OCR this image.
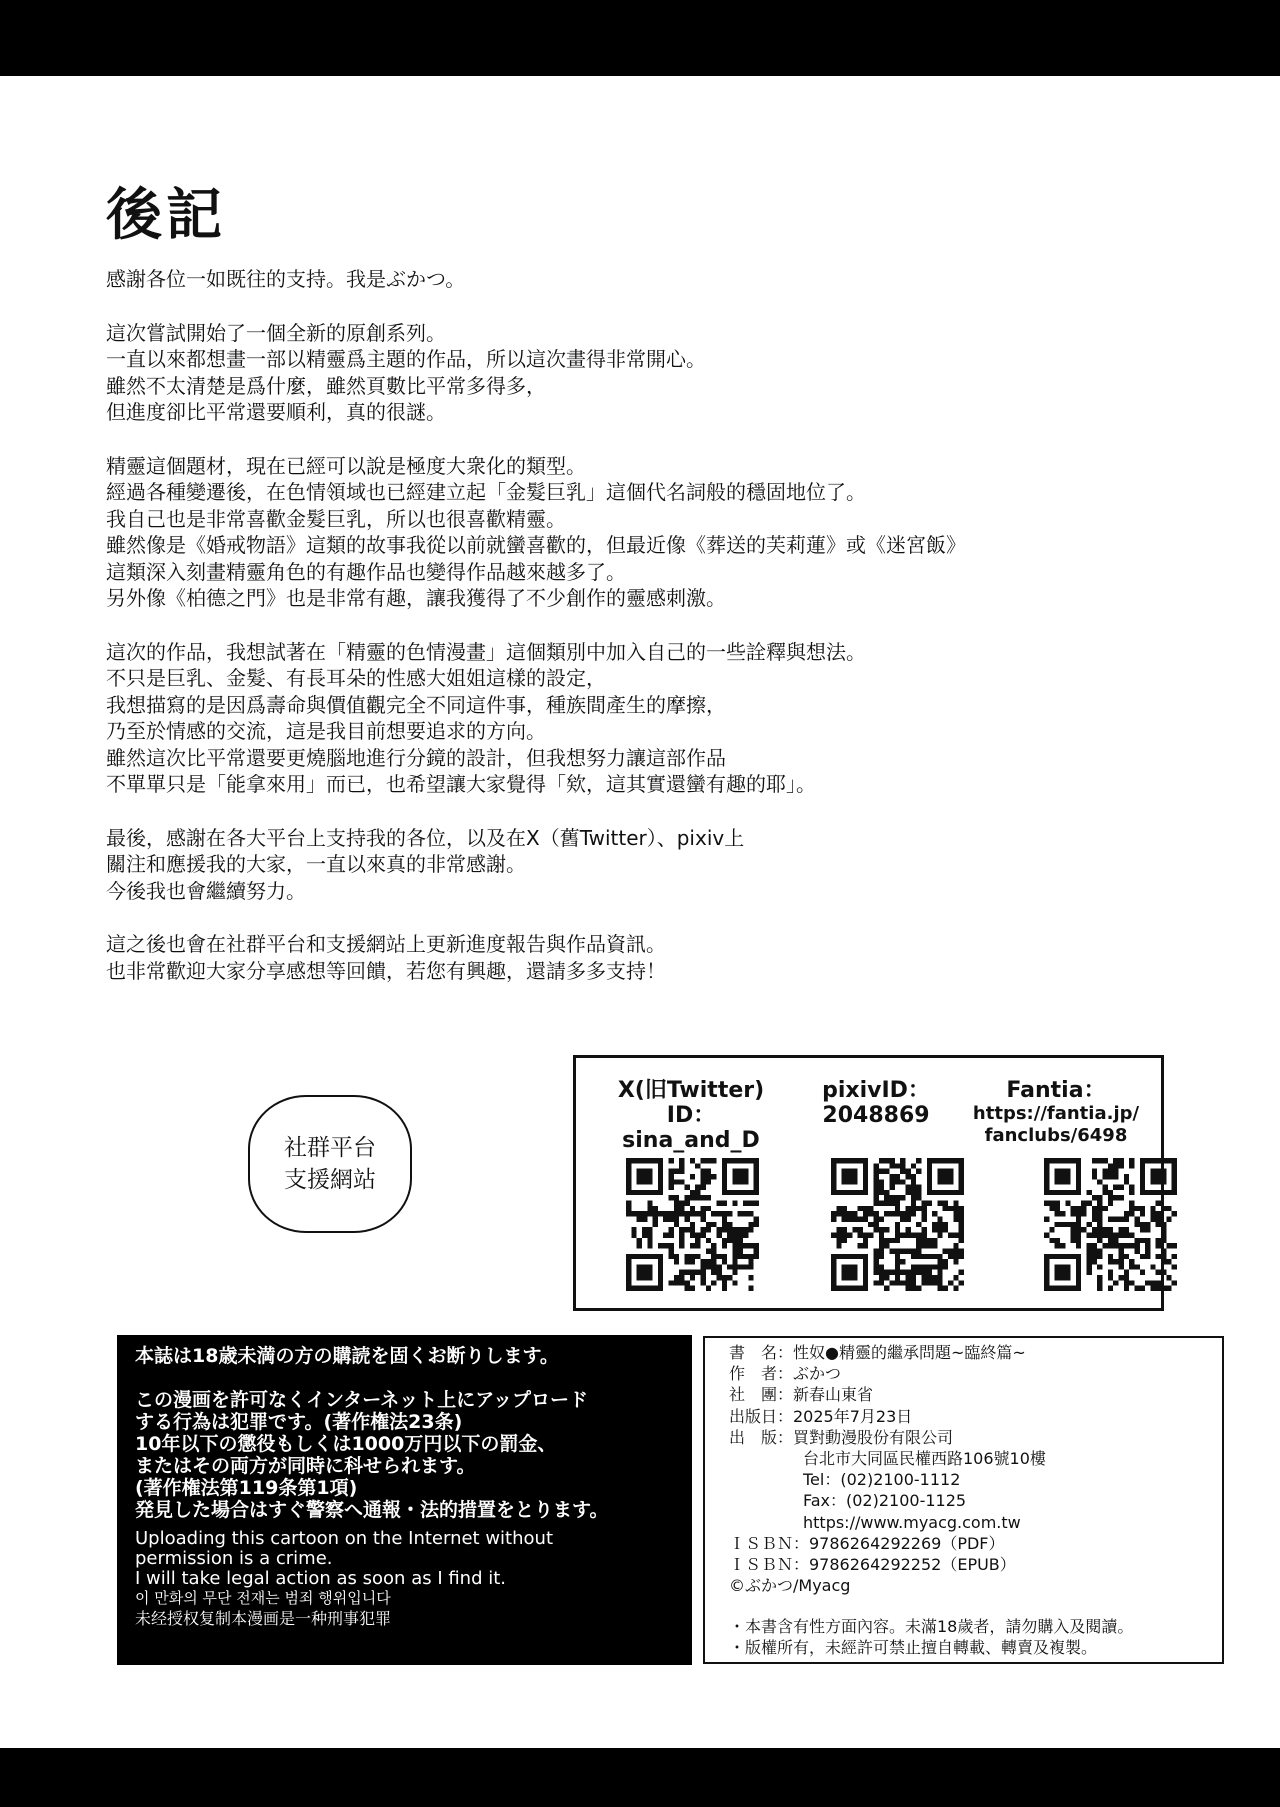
後記
感謝各位一如既往的支持。我是ぶかつ。
這次嘗試開始了一個全新的原創系列。
一直以來都想畫一部以精靈爲主題的作品，所以這次畫得非常開心。
雖然不太清楚是爲什麼，雖然頁數比平常多得多，
但進度卻比平常還要順利，真的很謎。
精靈這個題材，現在已經可以說是極度大衆化的類型。
經過各種變遷後，在色情領域也已經建立起「金髮巨乳」這個代名詞般的穩固地位了。
我自己也是非常喜歡金髮巨乳，所以也很喜歡精靈。
雖然像是《婚戒物語》這類的故事我從以前就蠻喜歡的，但最近像《葬送的芙莉蓮》或《迷宮飯》
這類深入刻畫精靈角色的有趣作品也變得作品越來越多了。
另外像《柏德之門》也是非常有趣，讓我獲得了不少創作的靈感刺激。
這次的作品，我想試著在「精靈的色情漫畫」這個類別中加入自己的一些詮釋與想法。
不只是巨乳、金髮、有長耳朵的性感大姐姐這樣的設定，
我想描寫的是因爲壽命與價值觀完全不同這件事，種族間產生的摩擦，
乃至於情感的交流，這是我目前想要追求的方向。
雖然這次比平常還要更燒腦地進行分鏡的設計，但我想努力讓這部作品
不單單只是「能拿來用」而已，也希望讓大家覺得「欸，這其實還蠻有趣的耶」。
最後，感謝在各大平台上支持我的各位，以及在X（舊Twitter）、pixiv上
關注和應援我的大家，一直以來真的非常感謝。
今後我也會繼續努力。
這之後也會在社群平台和支援網站上更新進度報告與作品資訊。
也非常歡迎大家分享感想等回饋，若您有興趣，還請多多支持！
社群平台
支援網站
X(旧Twitter) ID：
sina_and_D
pixivID：
2048869
Fantia：
https://fantia.jp/
fanclubs/6498
本誌は18歳未満の方の購読を固くお断りします。
この漫画を許可なくインターネット上にアップロード
する行為は犯罪です。(著作権法23条)
10年以下の懲役もしくは1000万円以下の罰金、
またはその両方が同時に科せられます。
(著作権法第119条第1項)
発見した場合はすぐ警察へ通報・法的措置をとります。
Uploading this cartoon on the Internet without
permission is a crime.
I will take legal action as soon as I find it.
이 만화의 무단 전재는 범죄 행위입니다
未经授权复制本漫画是一种刑事犯罪
書　名：性奴●精靈的繼承問題~臨終篇~
作　者：ぶかつ
社　團：新春山東省
出版日：2025年7月23日
出　版：買對動漫股份有限公司
台北市大同區民權西路106號10樓
Tel：(02)2100-1112
Fax：(02)2100-1125
https://www.myacg.com.tw
ＩＳＢＮ：9786264292269（PDF）
ＩＳＢＮ：9786264292252（EPUB）
©ぶかつ/Myacg
・本書含有性方面內容。未滿18歲者，請勿購入及閱讀。
・版權所有，未經許可禁止擅自轉載、轉賣及複製。
